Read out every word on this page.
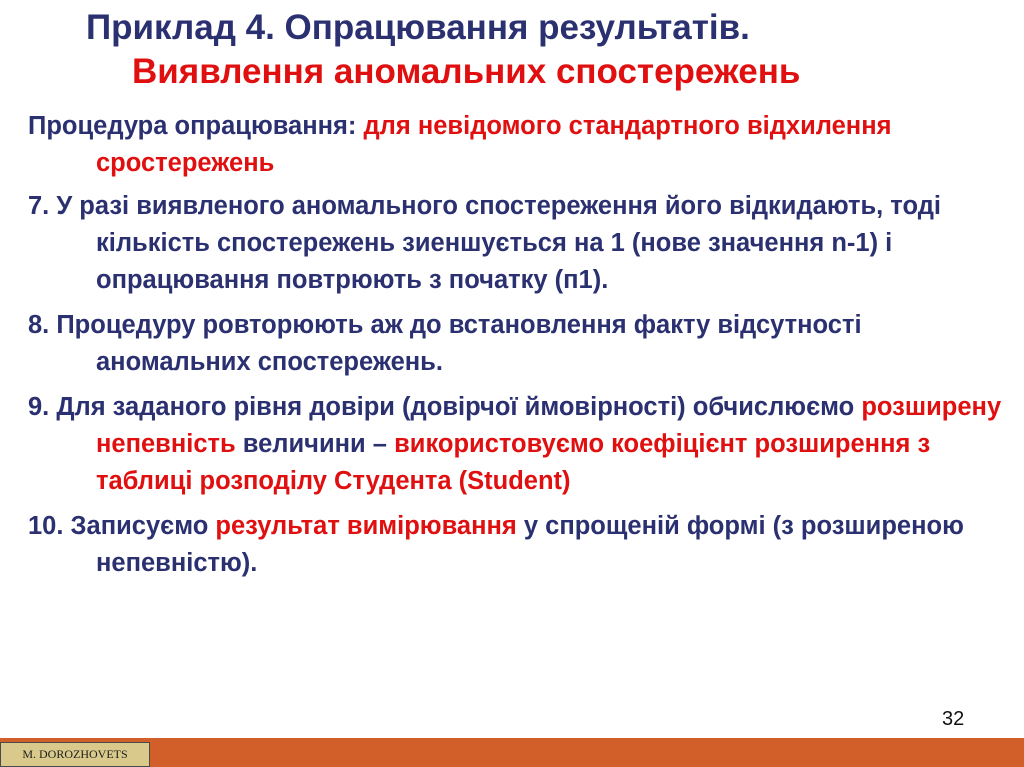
Приклад 4. Опрацювання результатів.
Виявлення аномальних спостережень
Процедура опрацювання: для невідомого стандартного відхилення сростережень
7. У разі виявленого аномального спостереження його відкидають, тоді кількість спостережень зиеншується на 1 (нове значення n-1) і опрацювання повтрюють з початку (п1).
8. Процедуру ровторюють аж до встановлення факту відсутності аномальних спостережень.
9. Для заданого рівня довіри (довірчої ймовірності) обчислюємо розширену непевність величини – використовуємо коефіцієнт розширення з таблиці розподілу Студента (Student)
10. Записуємо результат вимірювання у спрощеній формі (з розширеною непевністю).
32
M. DOROZHOVETS
